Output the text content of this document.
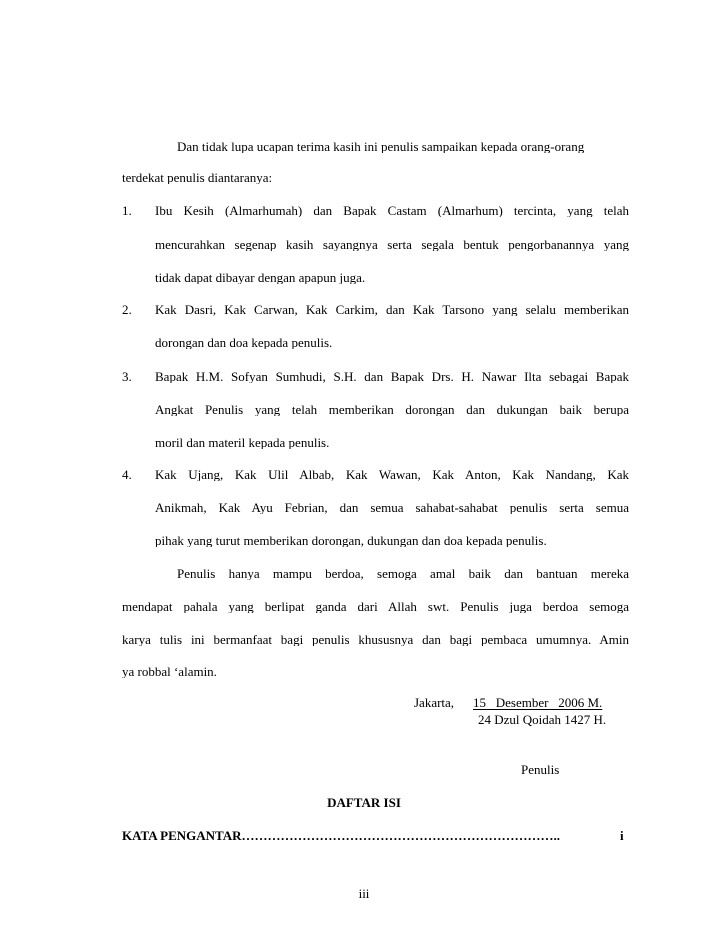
Dan tidak lupa ucapan terima kasih ini penulis sampaikan kepada orang-orang
terdekat penulis diantaranya:
1. Ibu Kesih (Almarhumah) dan Bapak Castam (Almarhum) tercinta, yang telah
mencurahkan segenap kasih sayangnya serta segala bentuk pengorbanannya yang
tidak dapat dibayar dengan apapun juga.
2. Kak Dasri, Kak Carwan, Kak Carkim, dan Kak Tarsono yang selalu memberikan
dorongan dan doa kepada penulis.
3. Bapak H.M. Sofyan Sumhudi, S.H. dan Bapak Drs. H. Nawar Ilta sebagai Bapak
Angkat Penulis yang telah memberikan dorongan dan dukungan baik berupa
moril dan materil kepada penulis.
4. Kak Ujang, Kak Ulil Albab, Kak Wawan, Kak Anton, Kak Nandang, Kak
Anikmah, Kak Ayu Febrian, dan semua sahabat-sahabat penulis serta semua
pihak yang turut memberikan dorongan, dukungan dan doa kepada penulis.
Penulis hanya mampu berdoa, semoga amal baik dan bantuan mereka
mendapat pahala yang berlipat ganda dari Allah swt. Penulis juga berdoa semoga
karya tulis ini bermanfaat bagi penulis khususnya dan bagi pembaca umumnya. Amin
ya robbal ‘alamin.
Jakarta, 15   Desember   2006 M.
24 Dzul Qoidah 1427 H.
Penulis
DAFTAR ISI
KATA PENGANTAR………………………………………………………………..	i
iii
